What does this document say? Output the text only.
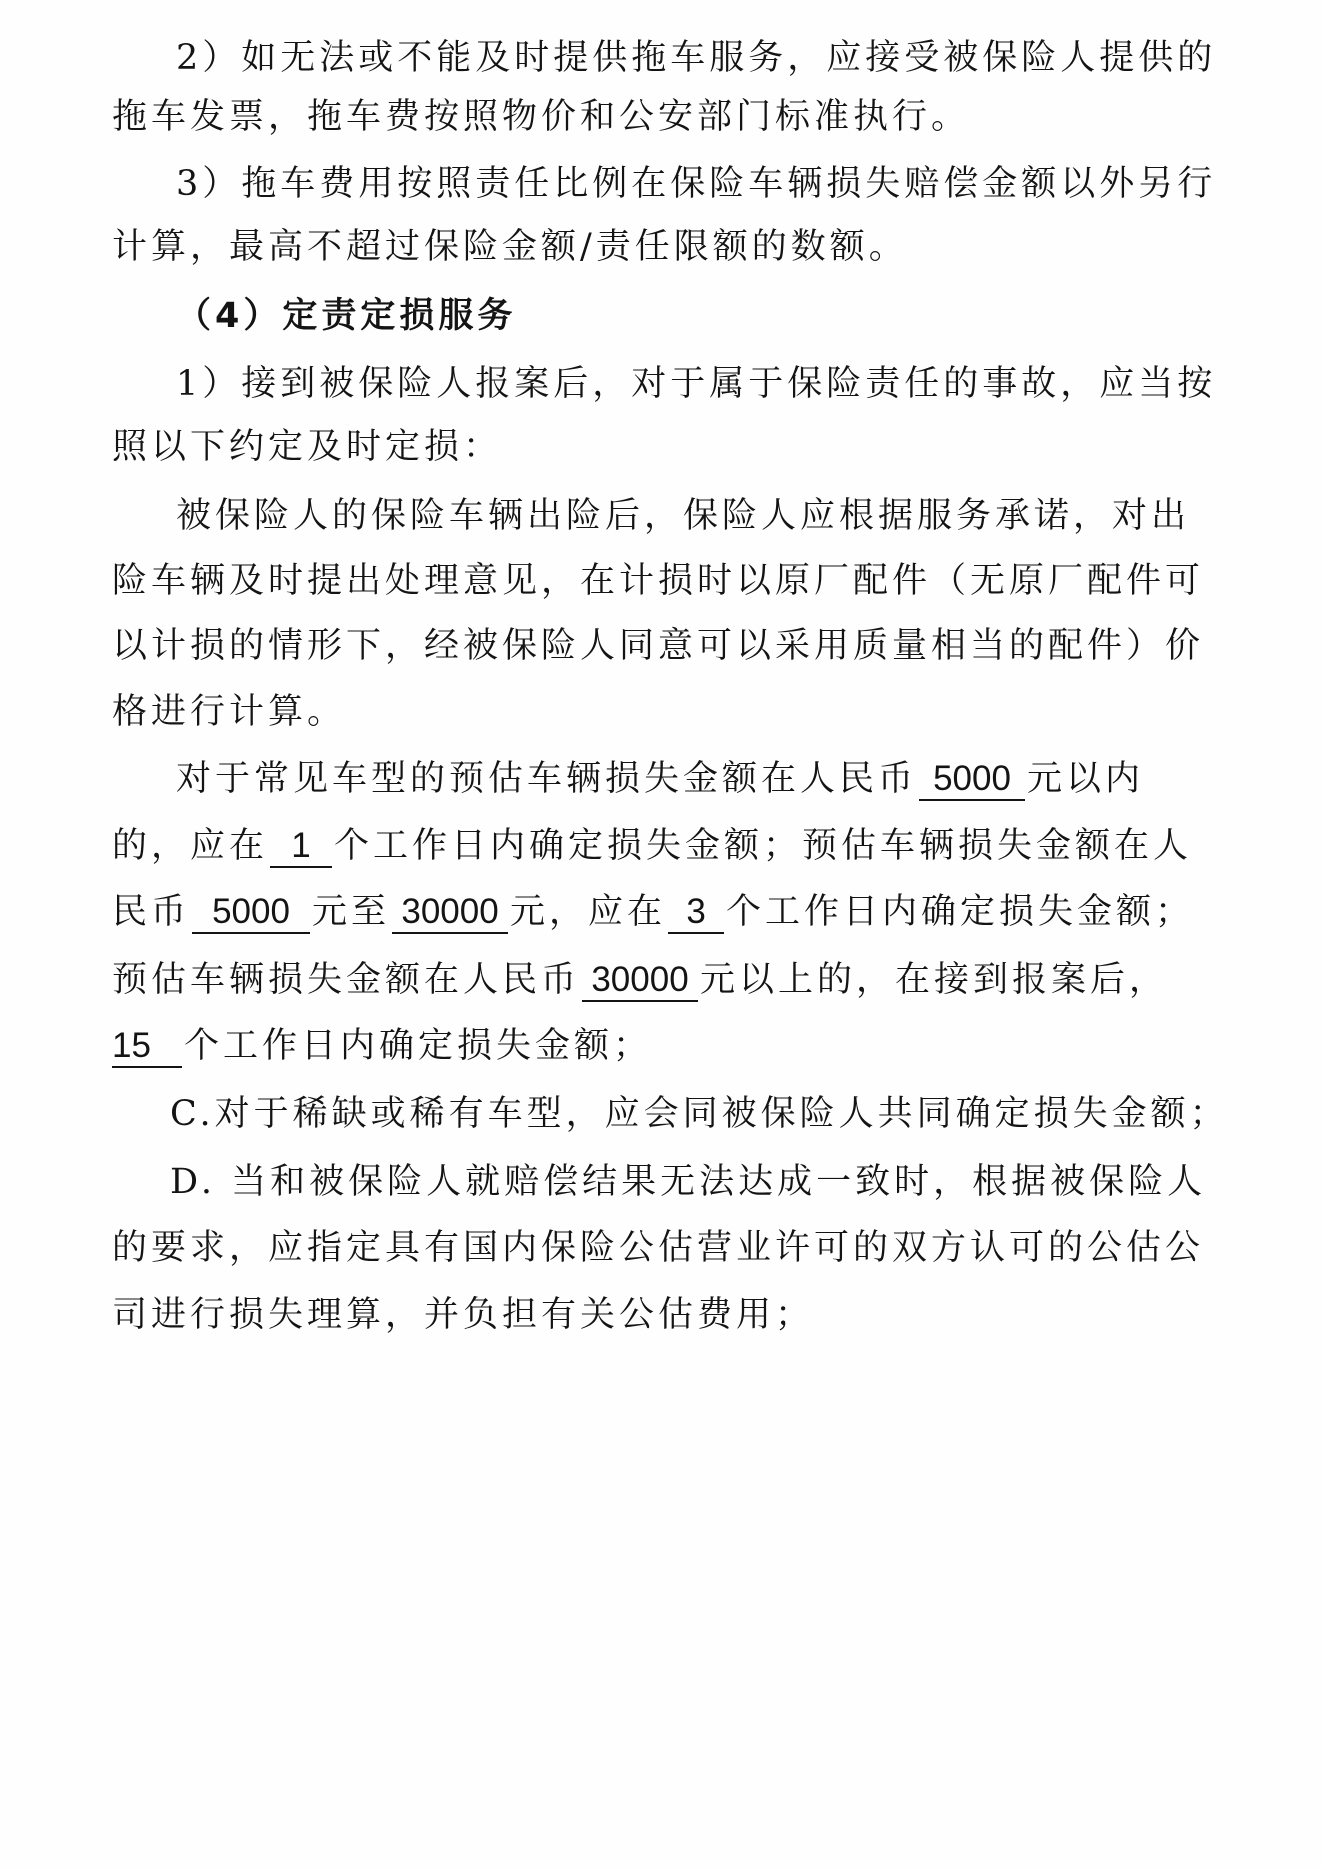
2）如无法或不能及时提供拖车服务，应接受被保险人提供的
拖车发票，拖车费按照物价和公安部门标准执行。
3）拖车费用按照责任比例在保险车辆损失赔偿金额以外另行
计算，最高不超过保险金额/责任限额的数额。
（4）定责定损服务
1）接到被保险人报案后，对于属于保险责任的事故，应当按
照以下约定及时定损：
被保险人的保险车辆出险后，保险人应根据服务承诺，对出
险车辆及时提出处理意见，在计损时以原厂配件（无原厂配件可
以计损的情形下，经被保险人同意可以采用质量相当的配件）价
格进行计算。
对于常见车型的预估车辆损失金额在人民币 5000 元以内
的，应在 1 个工作日内确定损失金额；预估车辆损失金额在人
民币 5000 元至 30000 元，应在 3 个工作日内确定损失金额；
预估车辆损失金额在人民币 30000 元以上的，在接到报案后，
15 个工作日内确定损失金额；
C.对于稀缺或稀有车型，应会同被保险人共同确定损失金额；
D. 当和被保险人就赔偿结果无法达成一致时，根据被保险人
的要求，应指定具有国内保险公估营业许可的双方认可的公估公
司进行损失理算，并负担有关公估费用；
